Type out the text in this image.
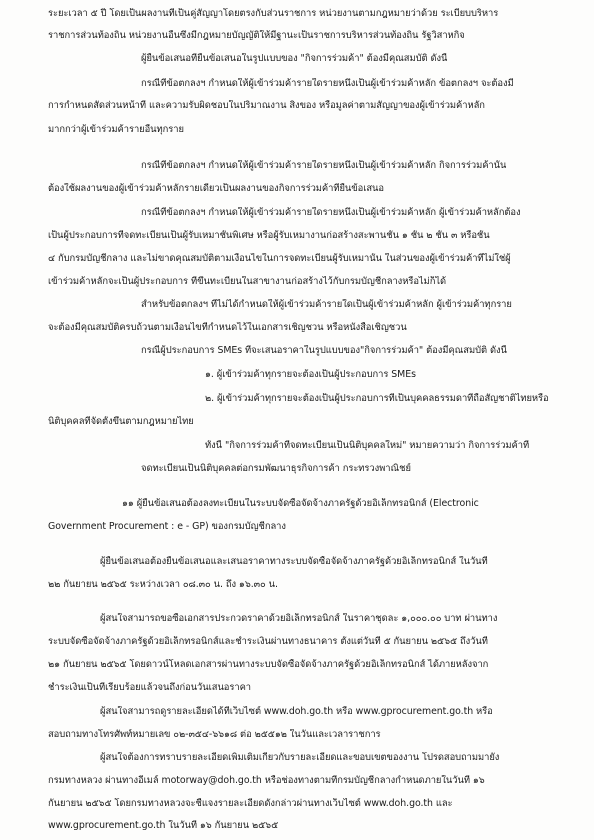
ระยะเวลา ๕ ปี โดยเป็นผลงานที่เป็นคู่สัญญาโดยตรงกับส่วนราชการ หน่วยงานตามกฎหมายว่าด้วย ระเบียบบริหาร
ราชการส่วนท้องถิ่น หน่วยงานอื่นซึ่งมีกฎหมายบัญญัติให้มีฐานะเป็นราชการบริหารส่วนท้องถิ่น รัฐวิสาหกิจ
ผู้ยื่นข้อเสนอที่ยื่นข้อเสนอในรูปแบบของ "กิจการร่วมค้า" ต้องมีคุณสมบัติ ดังนี้
กรณีที่ข้อตกลงฯ กำหนดให้ผู้เข้าร่วมค้ารายใดรายหนึ่งเป็นผู้เข้าร่วมค้าหลัก ข้อตกลงฯ จะต้องมี
การกำหนดสัดส่วนหน้าที่ และความรับผิดชอบในปริมาณงาน สิ่งของ หรือมูลค่าตามสัญญาของผู้เข้าร่วมค้าหลัก
มากกว่าผู้เข้าร่วมค้ารายอื่นทุกราย
กรณีที่ข้อตกลงฯ กำหนดให้ผู้เข้าร่วมค้ารายใดรายหนึ่งเป็นผู้เข้าร่วมค้าหลัก กิจการร่วมค้านั้น
ต้องใช้ผลงานของผู้เข้าร่วมค้าหลักรายเดียวเป็นผลงานของกิจการร่วมค้าที่ยื่นข้อเสนอ
กรณีที่ข้อตกลงฯ กำหนดให้ผู้เข้าร่วมค้ารายใดรายหนึ่งเป็นผู้เข้าร่วมค้าหลัก ผู้เข้าร่วมค้าหลักต้อง
เป็นผู้ประกอบการที่จดทะเบียนเป็นผู้รับเหมาชั้นพิเศษ หรือผู้รับเหมางานก่อสร้างสะพานชั้น ๑ ชั้น ๒ ชั้น ๓ หรือชั้น
๔ กับกรมบัญชีกลาง และไม่ขาดคุณสมบัติตามเงื่อนไขในการจดทะเบียนผู้รับเหมานั้น ในส่วนของผู้เข้าร่วมค้าที่ไม่ใช่ผู้
เข้าร่วมค้าหลักจะเป็นผู้ประกอบการ ที่ขึ้นทะเบียนในสาขางานก่อสร้างไว้กับกรมบัญชีกลางหรือไม่ก็ได้
สำหรับข้อตกลงฯ ที่ไม่ได้กำหนดให้ผู้เข้าร่วมค้ารายใดเป็นผู้เข้าร่วมค้าหลัก ผู้เข้าร่วมค้าทุกราย
จะต้องมีคุณสมบัติครบถ้วนตามเงื่อนไขที่กำหนดไว้ในเอกสารเชิญชวน หรือหนังสือเชิญชวน
กรณีผู้ประกอบการ SMEs ที่จะเสนอราคาในรูปแบบของ"กิจการร่วมค้า" ต้องมีคุณสมบัติ ดังนี้
๑. ผู้เข้าร่วมค้าทุกรายจะต้องเป็นผู้ประกอบการ SMEs
๒. ผู้เข้าร่วมค้าทุกรายจะต้องเป็นผู้ประกอบการที่เป็นบุคคลธรรมดาที่ถือสัญชาติไทยหรือ
นิติบุคคลที่จัดตั้งขึ้นตามกฎหมายไทย
ทั้งนี้ "กิจการร่วมค้าที่จดทะเบียนเป็นนิติบุคคลใหม่" หมายความว่า กิจการร่วมค้าที่
จดทะเบียนเป็นนิติบุคคลต่อกรมพัฒนาธุรกิจการค้า กระทรวงพาณิชย์
๑๑ ผู้ยื่นข้อเสนอต้องลงทะเบียนในระบบจัดซื้อจัดจ้างภาครัฐด้วยอิเล็กทรอนิกส์ (Electronic
Government Procurement : e - GP) ของกรมบัญชีกลาง
ผู้ยื่นข้อเสนอต้องยื่นข้อเสนอและเสนอราคาทางระบบจัดซื้อจัดจ้างภาครัฐด้วยอิเล็กทรอนิกส์ ในวันที่
๒๒ กันยายน ๒๕๖๕ ระหว่างเวลา ๐๘.๓๐ น. ถึง ๑๖.๓๐ น.
ผู้สนใจสามารถขอซื้อเอกสารประกวดราคาด้วยอิเล็กทรอนิกส์ ในราคาชุดละ ๑,๐๐๐.๐๐ บาท ผ่านทาง
ระบบจัดซื้อจัดจ้างภาครัฐด้วยอิเล็กทรอนิกส์และชำระเงินผ่านทางธนาคาร ตั้งแต่วันที่ ๕ กันยายน ๒๕๖๕ ถึงวันที่
๒๑ กันยายน ๒๕๖๕ โดยดาวน์โหลดเอกสารผ่านทางระบบจัดซื้อจัดจ้างภาครัฐด้วยอิเล็กทรอนิกส์ ได้ภายหลังจาก
ชำระเงินเป็นที่เรียบร้อยแล้วจนถึงก่อนวันเสนอราคา
ผู้สนใจสามารถดูรายละเอียดได้ที่เว็บไซต์ www.doh.go.th หรือ www.gprocurement.go.th หรือ
สอบถามทางโทรศัพท์หมายเลข ๐๒-๓๕๔-๖๖๑๘ ต่อ ๒๕๕๑๒ ในวันและเวลาราชการ
ผู้สนใจต้องการทราบรายละเอียดเพิ่มเติมเกี่ยวกับรายละเอียดและขอบเขตของงาน โปรดสอบถามมายัง
กรมทางหลวง ผ่านทางอีเมล์ motorway@doh.go.th หรือช่องทางตามที่กรมบัญชีกลางกำหนดภายในวันที่ ๑๖
กันยายน ๒๕๖๕ โดยกรมทางหลวงจะชี้แจงรายละเอียดดังกล่าวผ่านทางเว็บไซต์ www.doh.go.th และ
www.gprocurement.go.th ในวันที่ ๑๖ กันยายน ๒๕๖๕
